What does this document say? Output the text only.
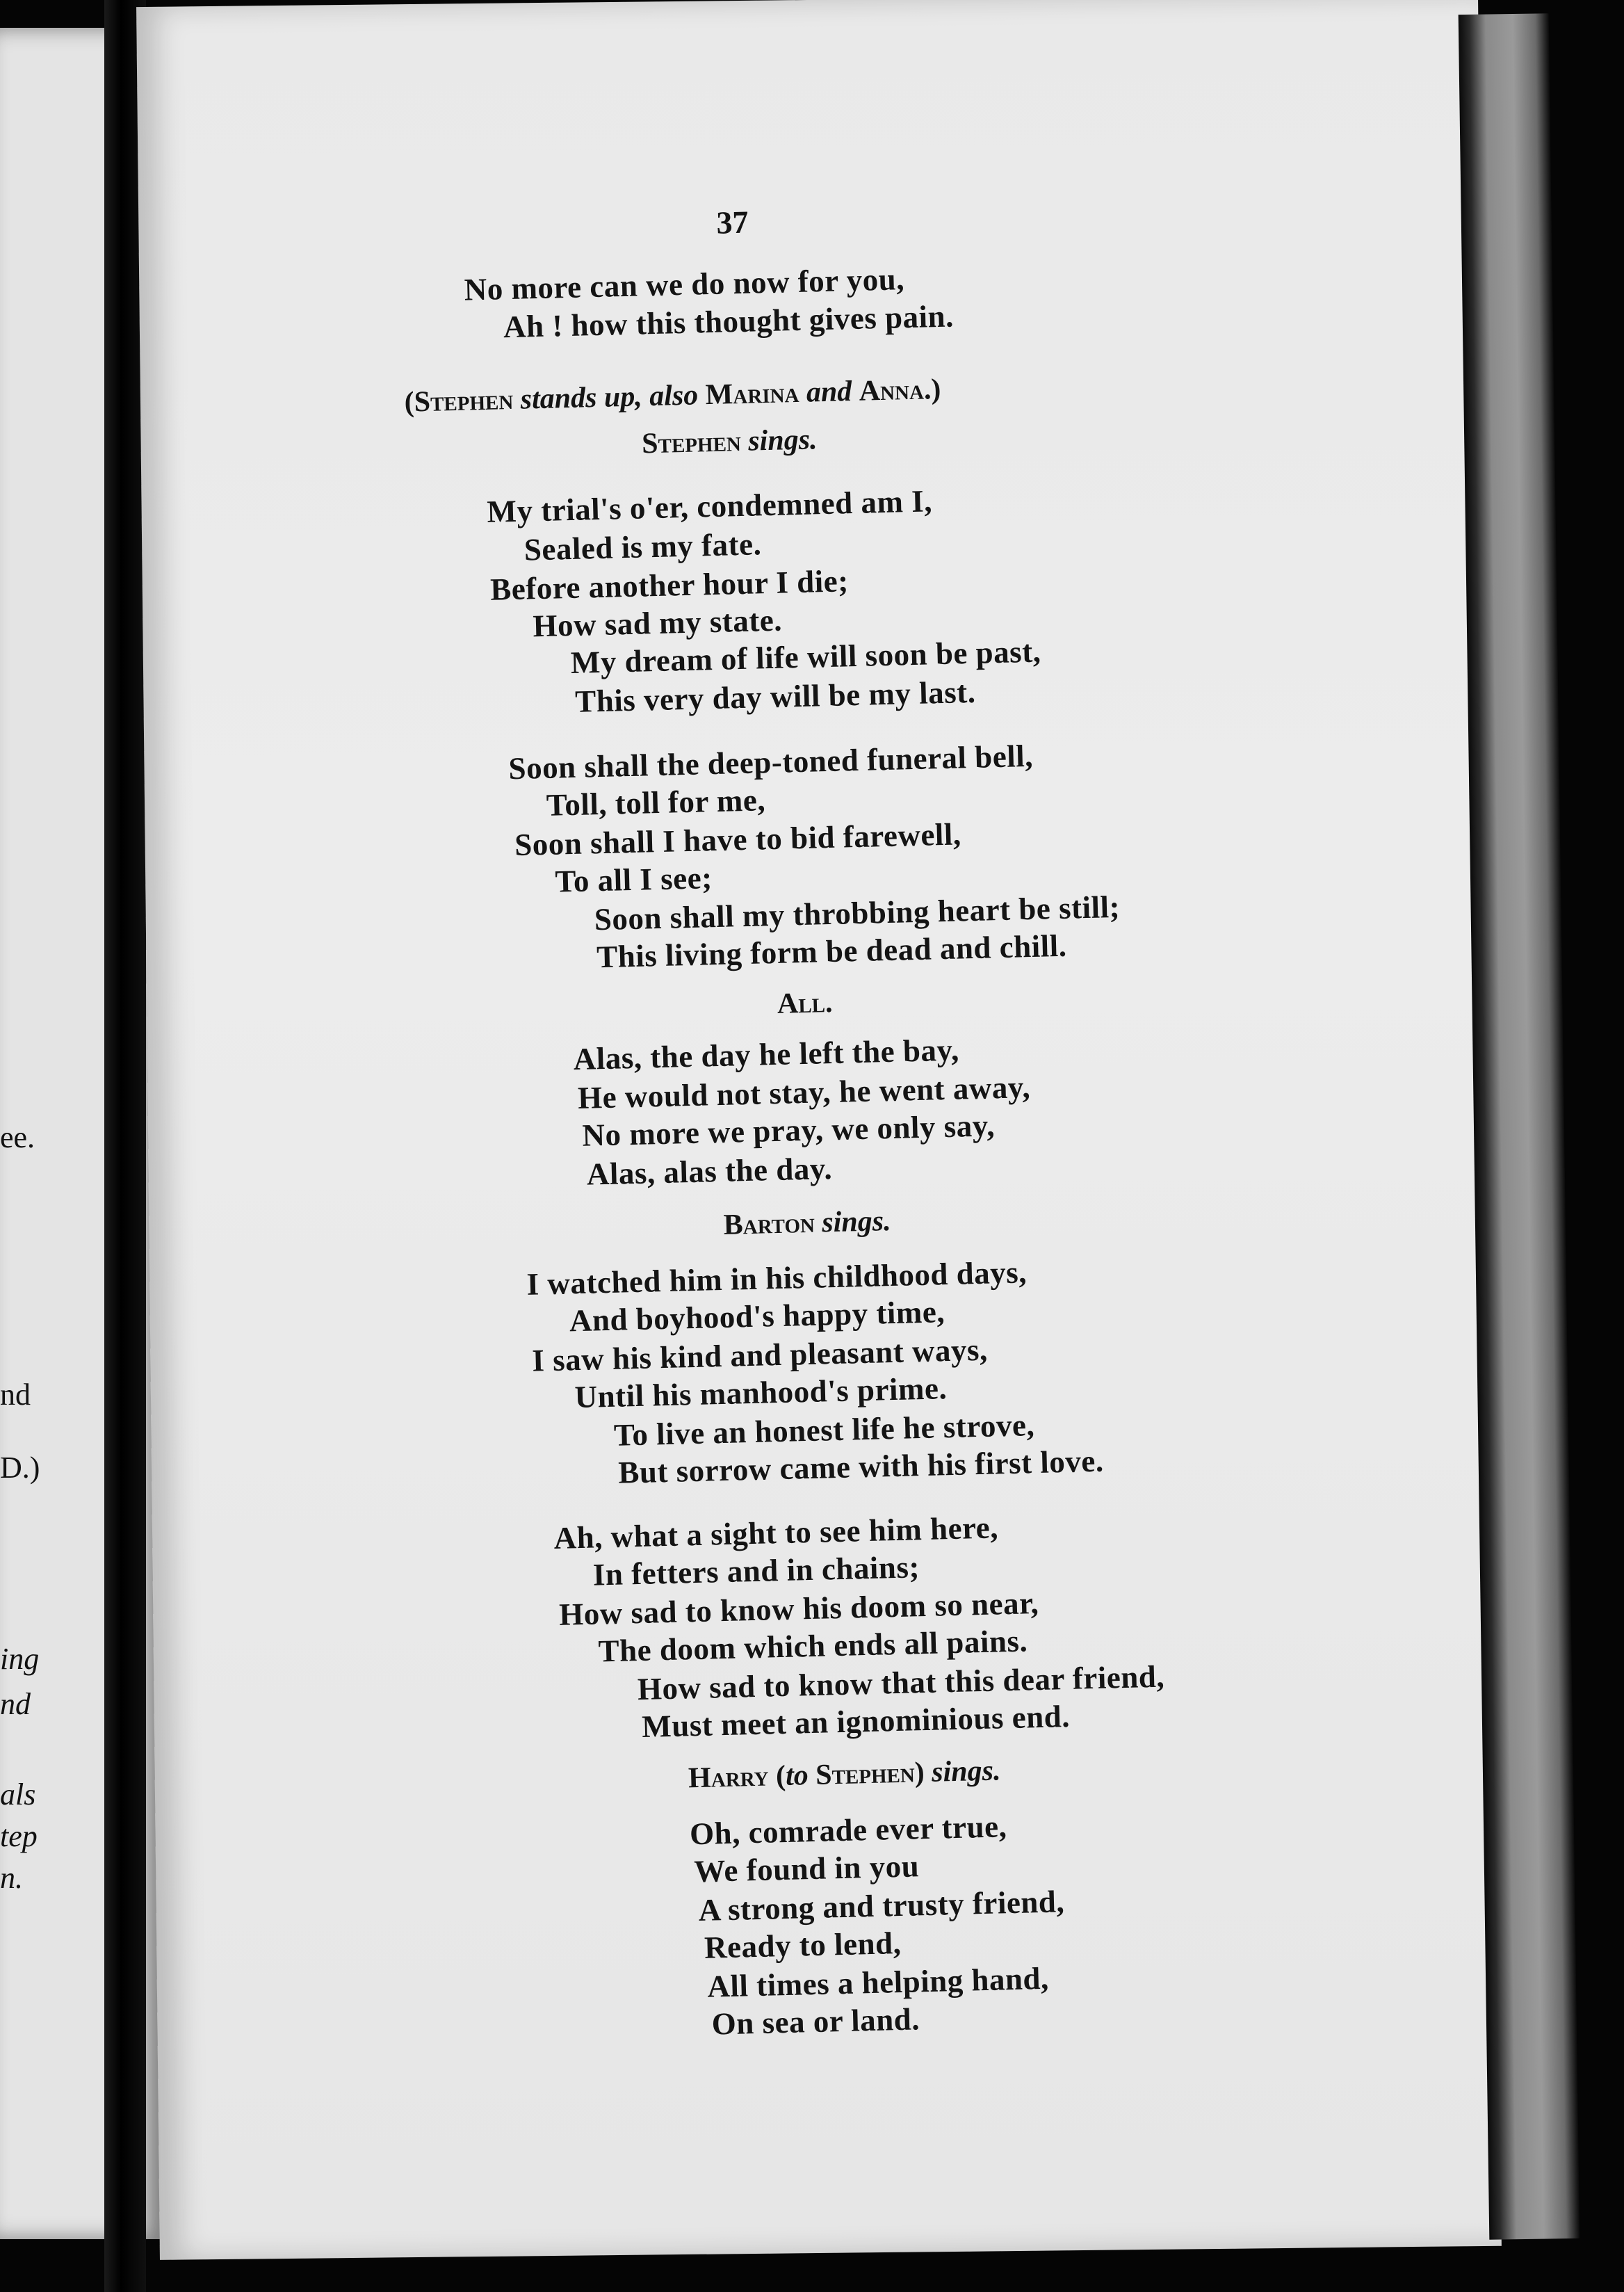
ee.
nd
D.)
ing
nd
als
tep
n.
37
No more can we do now for you,
Ah ! how this thought gives pain.
(Stephen stands up, also Marina and Anna.)
Stephen sings.
My trial's o'er, condemned am I,
Sealed is my fate.
Before another hour I die;
How sad my state.
My dream of life will soon be past,
This very day will be my last.
Soon shall the deep-toned funeral bell,
Toll, toll for me,
Soon shall I have to bid farewell,
To all I see;
Soon shall my throbbing heart be still;
This living form be dead and chill.
All.
Alas, the day he left the bay,
He would not stay, he went away,
No more we pray, we only say,
Alas, alas the day.
Barton sings.
I watched him in his childhood days,
And boyhood's happy time,
I saw his kind and pleasant ways,
Until his manhood's prime.
To live an honest life he strove,
But sorrow came with his first love.
Ah, what a sight to see him here,
In fetters and in chains;
How sad to know his doom so near,
The doom which ends all pains.
How sad to know that this dear friend,
Must meet an ignominious end.
Harry (to Stephen) sings.
Oh, comrade ever true,
We found in you
A strong and trusty friend,
Ready to lend,
All times a helping hand,
On sea or land.
